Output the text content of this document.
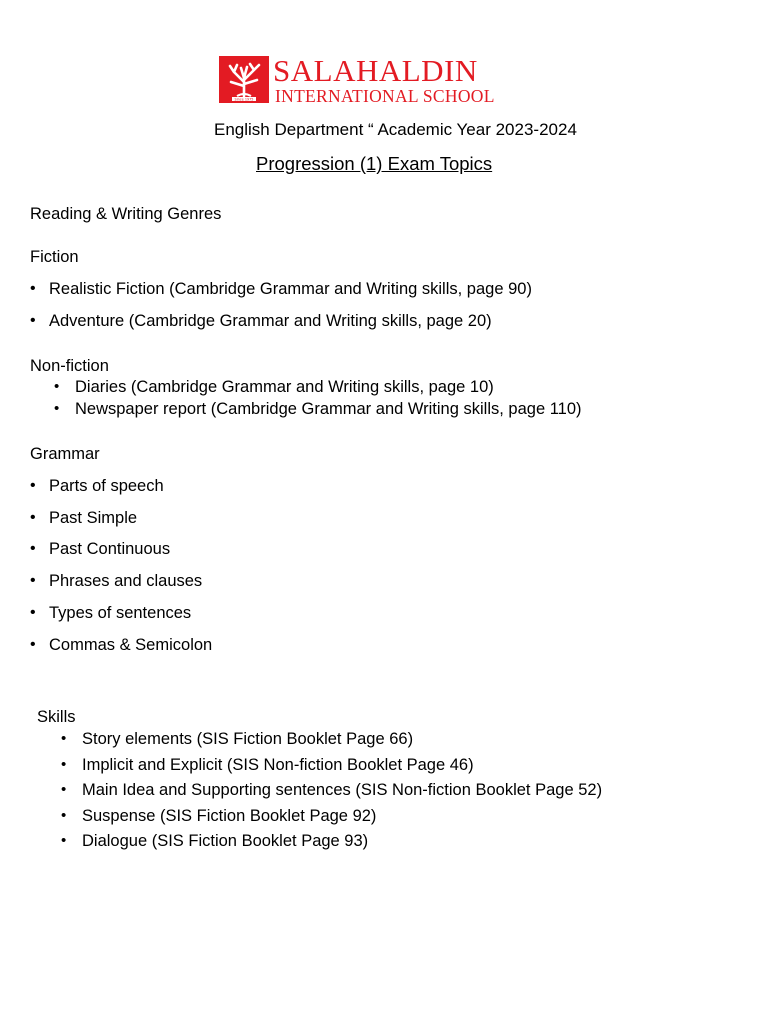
Since 1975
SALAHALDIN
INTERNATIONAL SCHOOL
English Department “ Academic Year 2023-2024
Progression (1) Exam Topics
Reading & Writing Genres
Fiction
• Realistic Fiction (Cambridge Grammar and Writing skills, page 90)
• Adventure (Cambridge Grammar and Writing skills, page 20)
Non-fiction
• Diaries (Cambridge Grammar and Writing skills, page 10)
• Newspaper report (Cambridge Grammar and Writing skills, page 110)
Grammar
• Parts of speech
• Past Simple
• Past Continuous
• Phrases and clauses
• Types of sentences
• Commas & Semicolon
Skills
• Story elements (SIS Fiction Booklet Page 66)
• Implicit and Explicit (SIS Non-fiction Booklet Page 46)
• Main Idea and Supporting sentences (SIS Non-fiction Booklet Page 52)
• Suspense (SIS Fiction Booklet Page 92)
• Dialogue (SIS Fiction Booklet Page 93)
